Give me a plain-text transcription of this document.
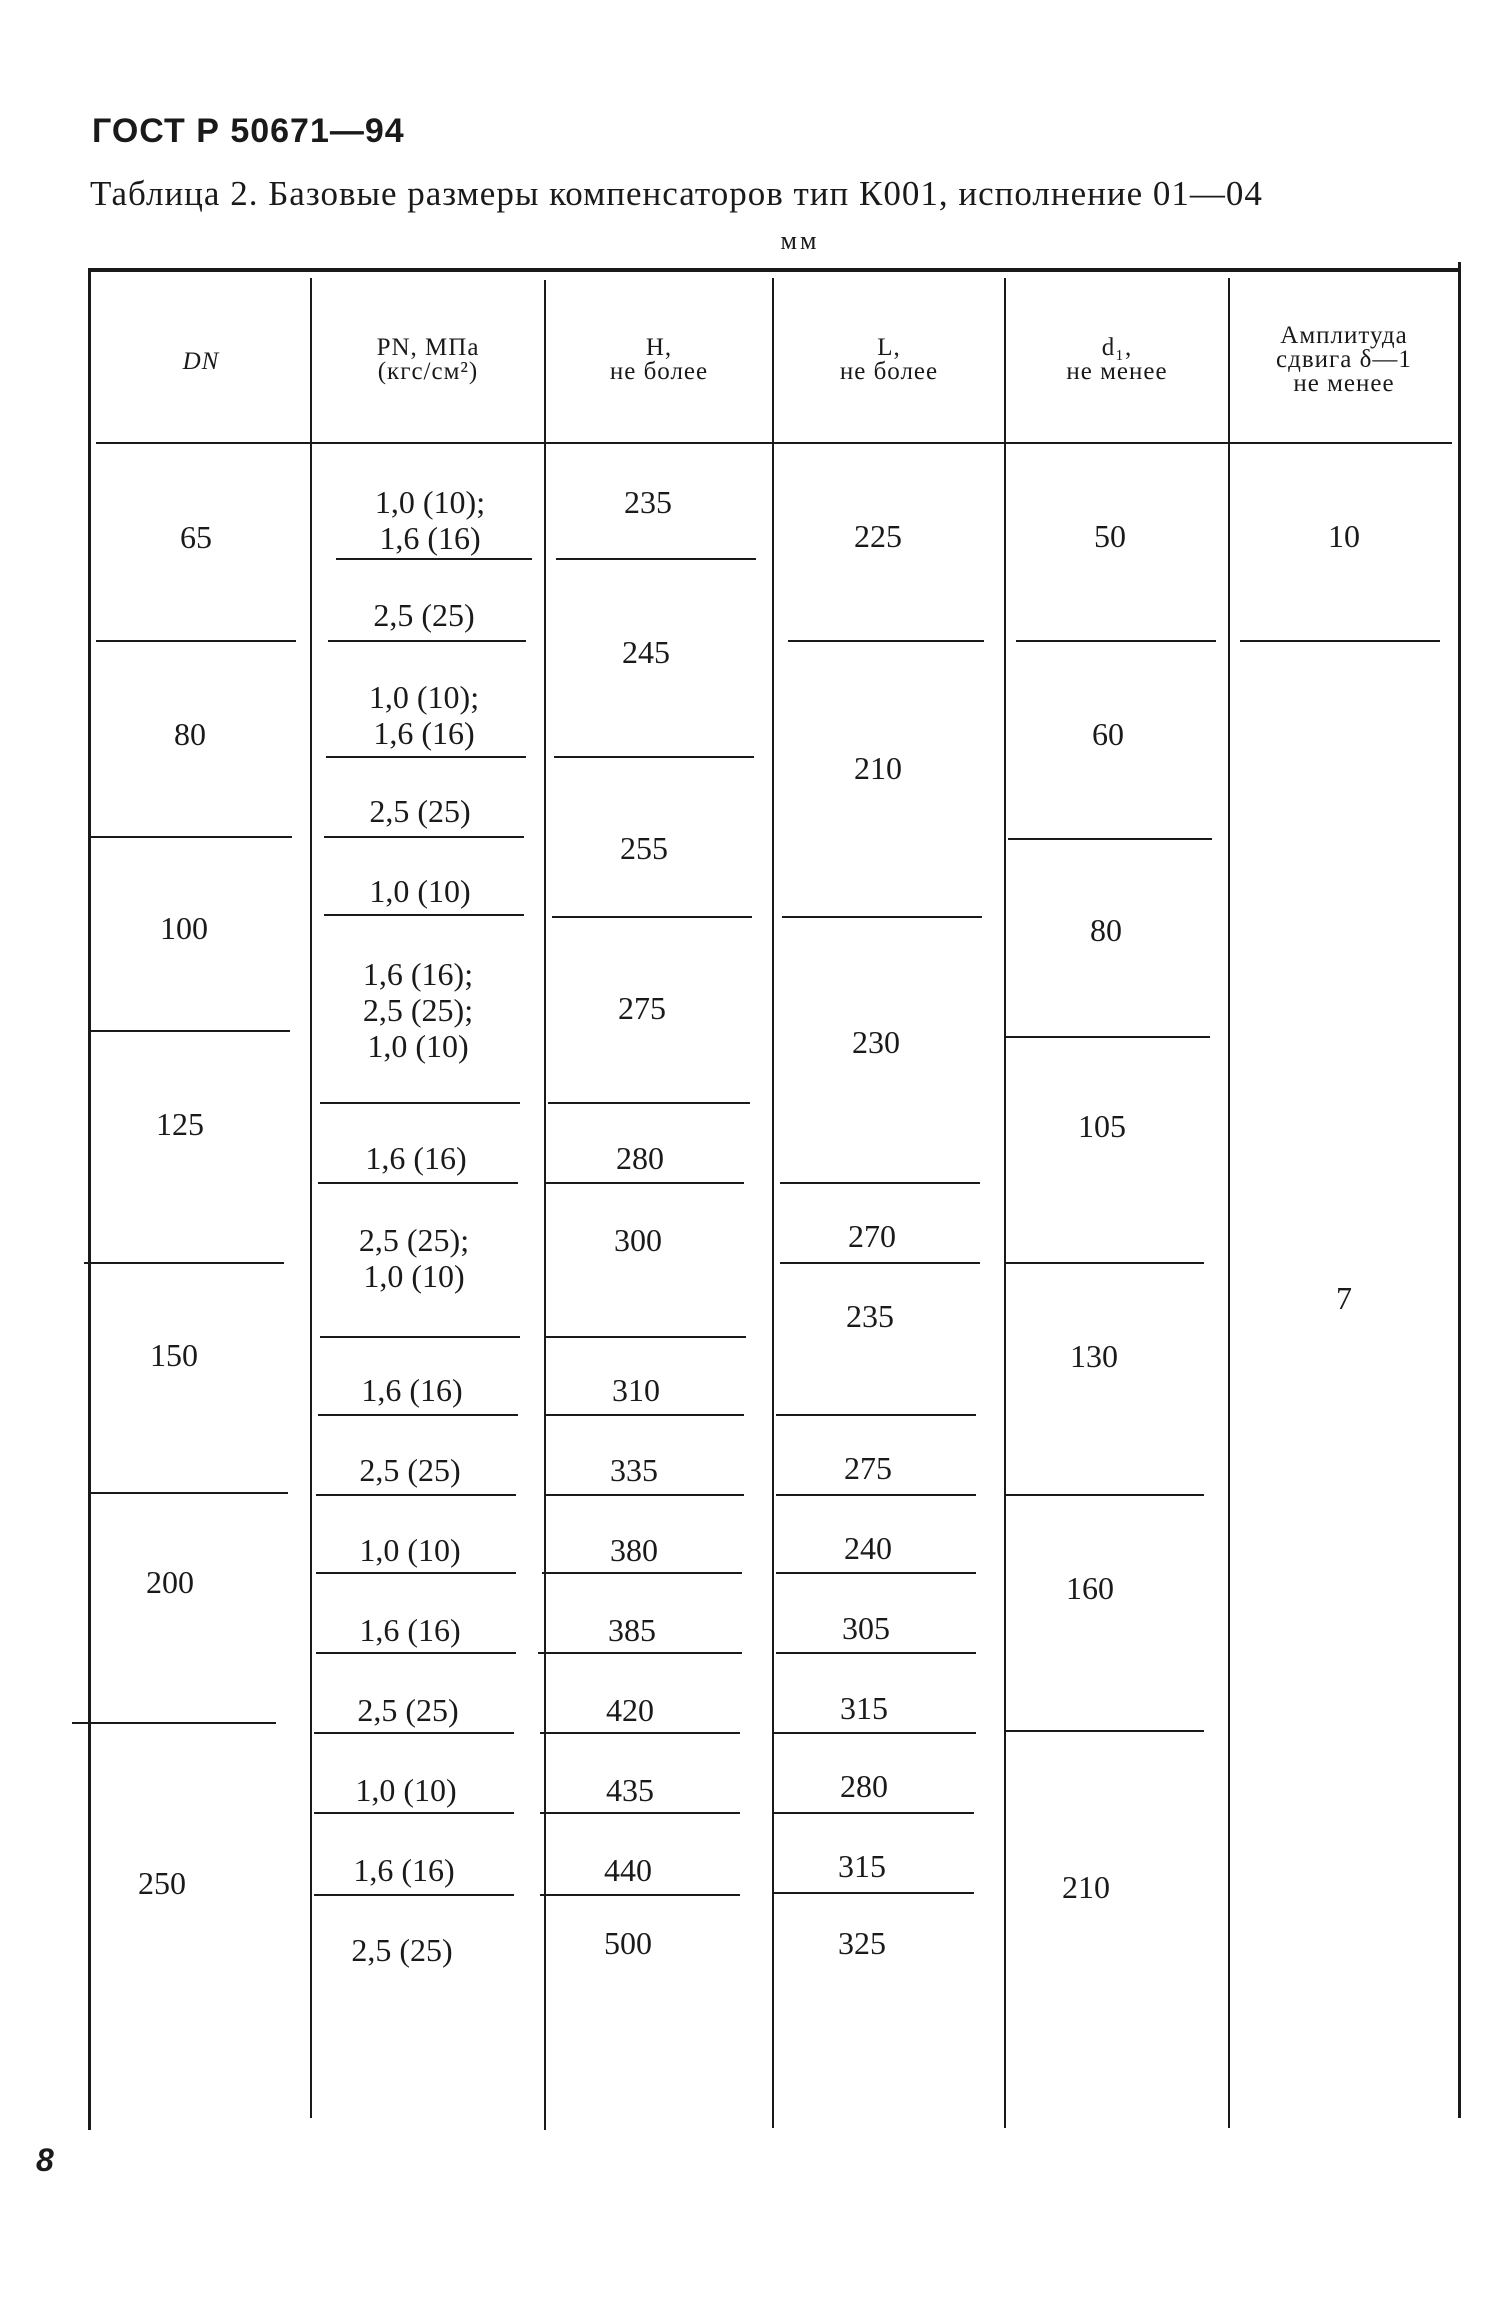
ГОСТ Р 50671—94
Таблица 2. Базовые размеры компенсаторов тип К001, исполнение 01—04
мм
DN
PN, МПа
(кгс/см²)
H,
не более
L,
не более
d₁,
не менее
Амплитуда
сдвига δ—1
не менее
65
80
100
125
150
200
250
1,0 (10);
1,6 (16)
2,5 (25)
1,0 (10);
1,6 (16)
2,5 (25)
1,0 (10)
1,6 (16);
2,5 (25);
1,0 (10)
1,6 (16)
2,5 (25);
1,0 (10)
1,6 (16)
2,5 (25)
1,0 (10)
1,6 (16)
2,5 (25)
1,0 (10)
1,6 (16)
2,5 (25)
235
245
255
275
280
300
310
335
380
385
420
435
440
500
225
210
230
270
235
275
240
305
315
280
315
325
50
60
80
105
130
160
210
10
7
8
